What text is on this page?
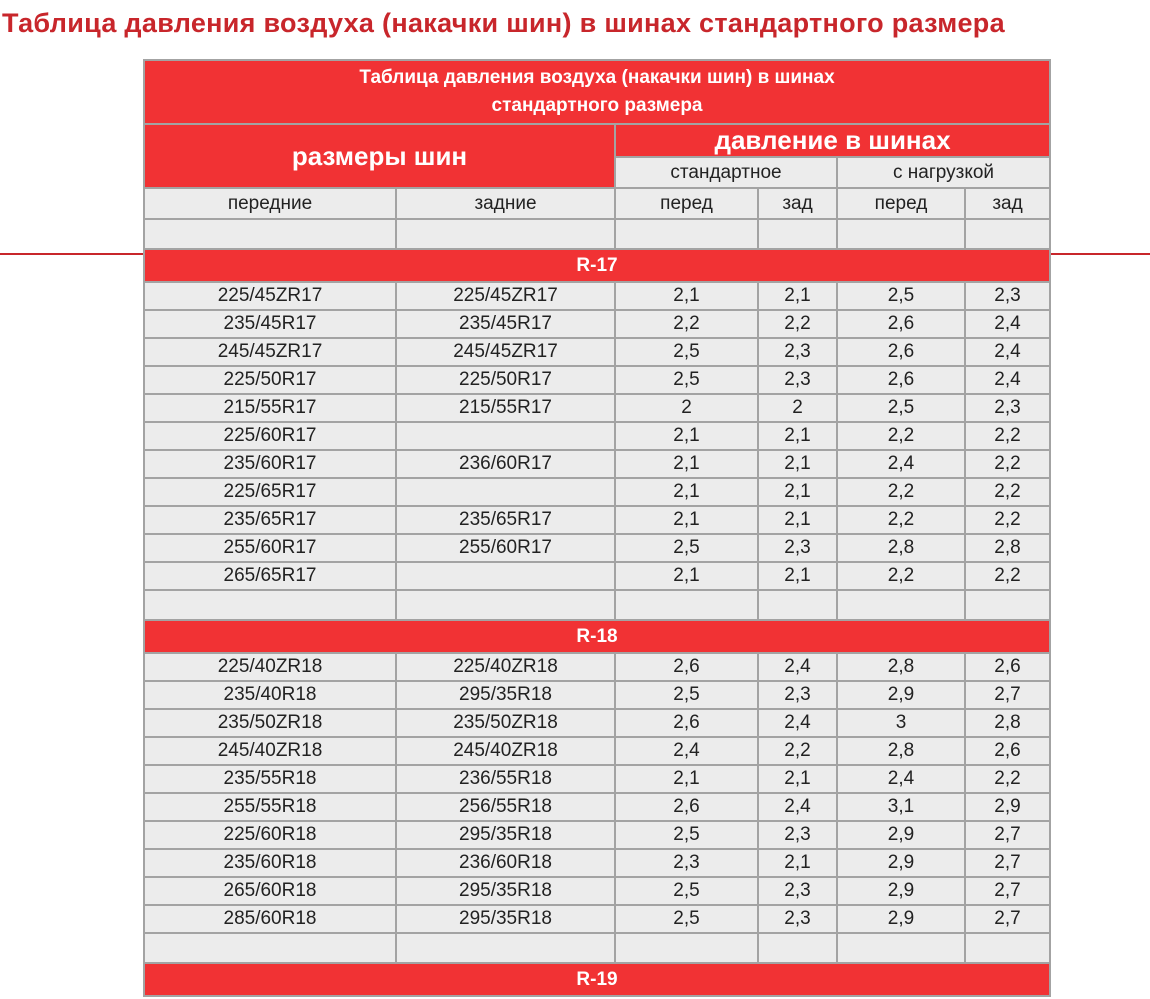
Таблица давления воздуха (накачки шин) в шинах стандартного размера
Таблица давления воздуха (накачки шин) в шинах стандартного размера					
размеры шин		давление в шинах			
		стандартное		с нагрузкой	
передние	задние	перед	зад	перед	зад

R-17					
225/45ZR17	225/45ZR17	2,1	2,1	2,5	2,3
235/45R17	235/45R17	2,2	2,2	2,6	2,4
245/45ZR17	245/45ZR17	2,5	2,3	2,6	2,4
225/50R17	225/50R17	2,5	2,3	2,6	2,4
215/55R17	215/55R17	2	2	2,5	2,3
225/60R17		2,1	2,1	2,2	2,2
235/60R17	236/60R17	2,1	2,1	2,4	2,2
225/65R17		2,1	2,1	2,2	2,2
235/65R17	235/65R17	2,1	2,1	2,2	2,2
255/60R17	255/60R17	2,5	2,3	2,8	2,8
265/65R17		2,1	2,1	2,2	2,2

R-18					
225/40ZR18	225/40ZR18	2,6	2,4	2,8	2,6
235/40R18	295/35R18	2,5	2,3	2,9	2,7
235/50ZR18	235/50ZR18	2,6	2,4	3	2,8
245/40ZR18	245/40ZR18	2,4	2,2	2,8	2,6
235/55R18	236/55R18	2,1	2,1	2,4	2,2
255/55R18	256/55R18	2,6	2,4	3,1	2,9
225/60R18	295/35R18	2,5	2,3	2,9	2,7
235/60R18	236/60R18	2,3	2,1	2,9	2,7
265/60R18	295/35R18	2,5	2,3	2,9	2,7
285/60R18	295/35R18	2,5	2,3	2,9	2,7

R-19					
